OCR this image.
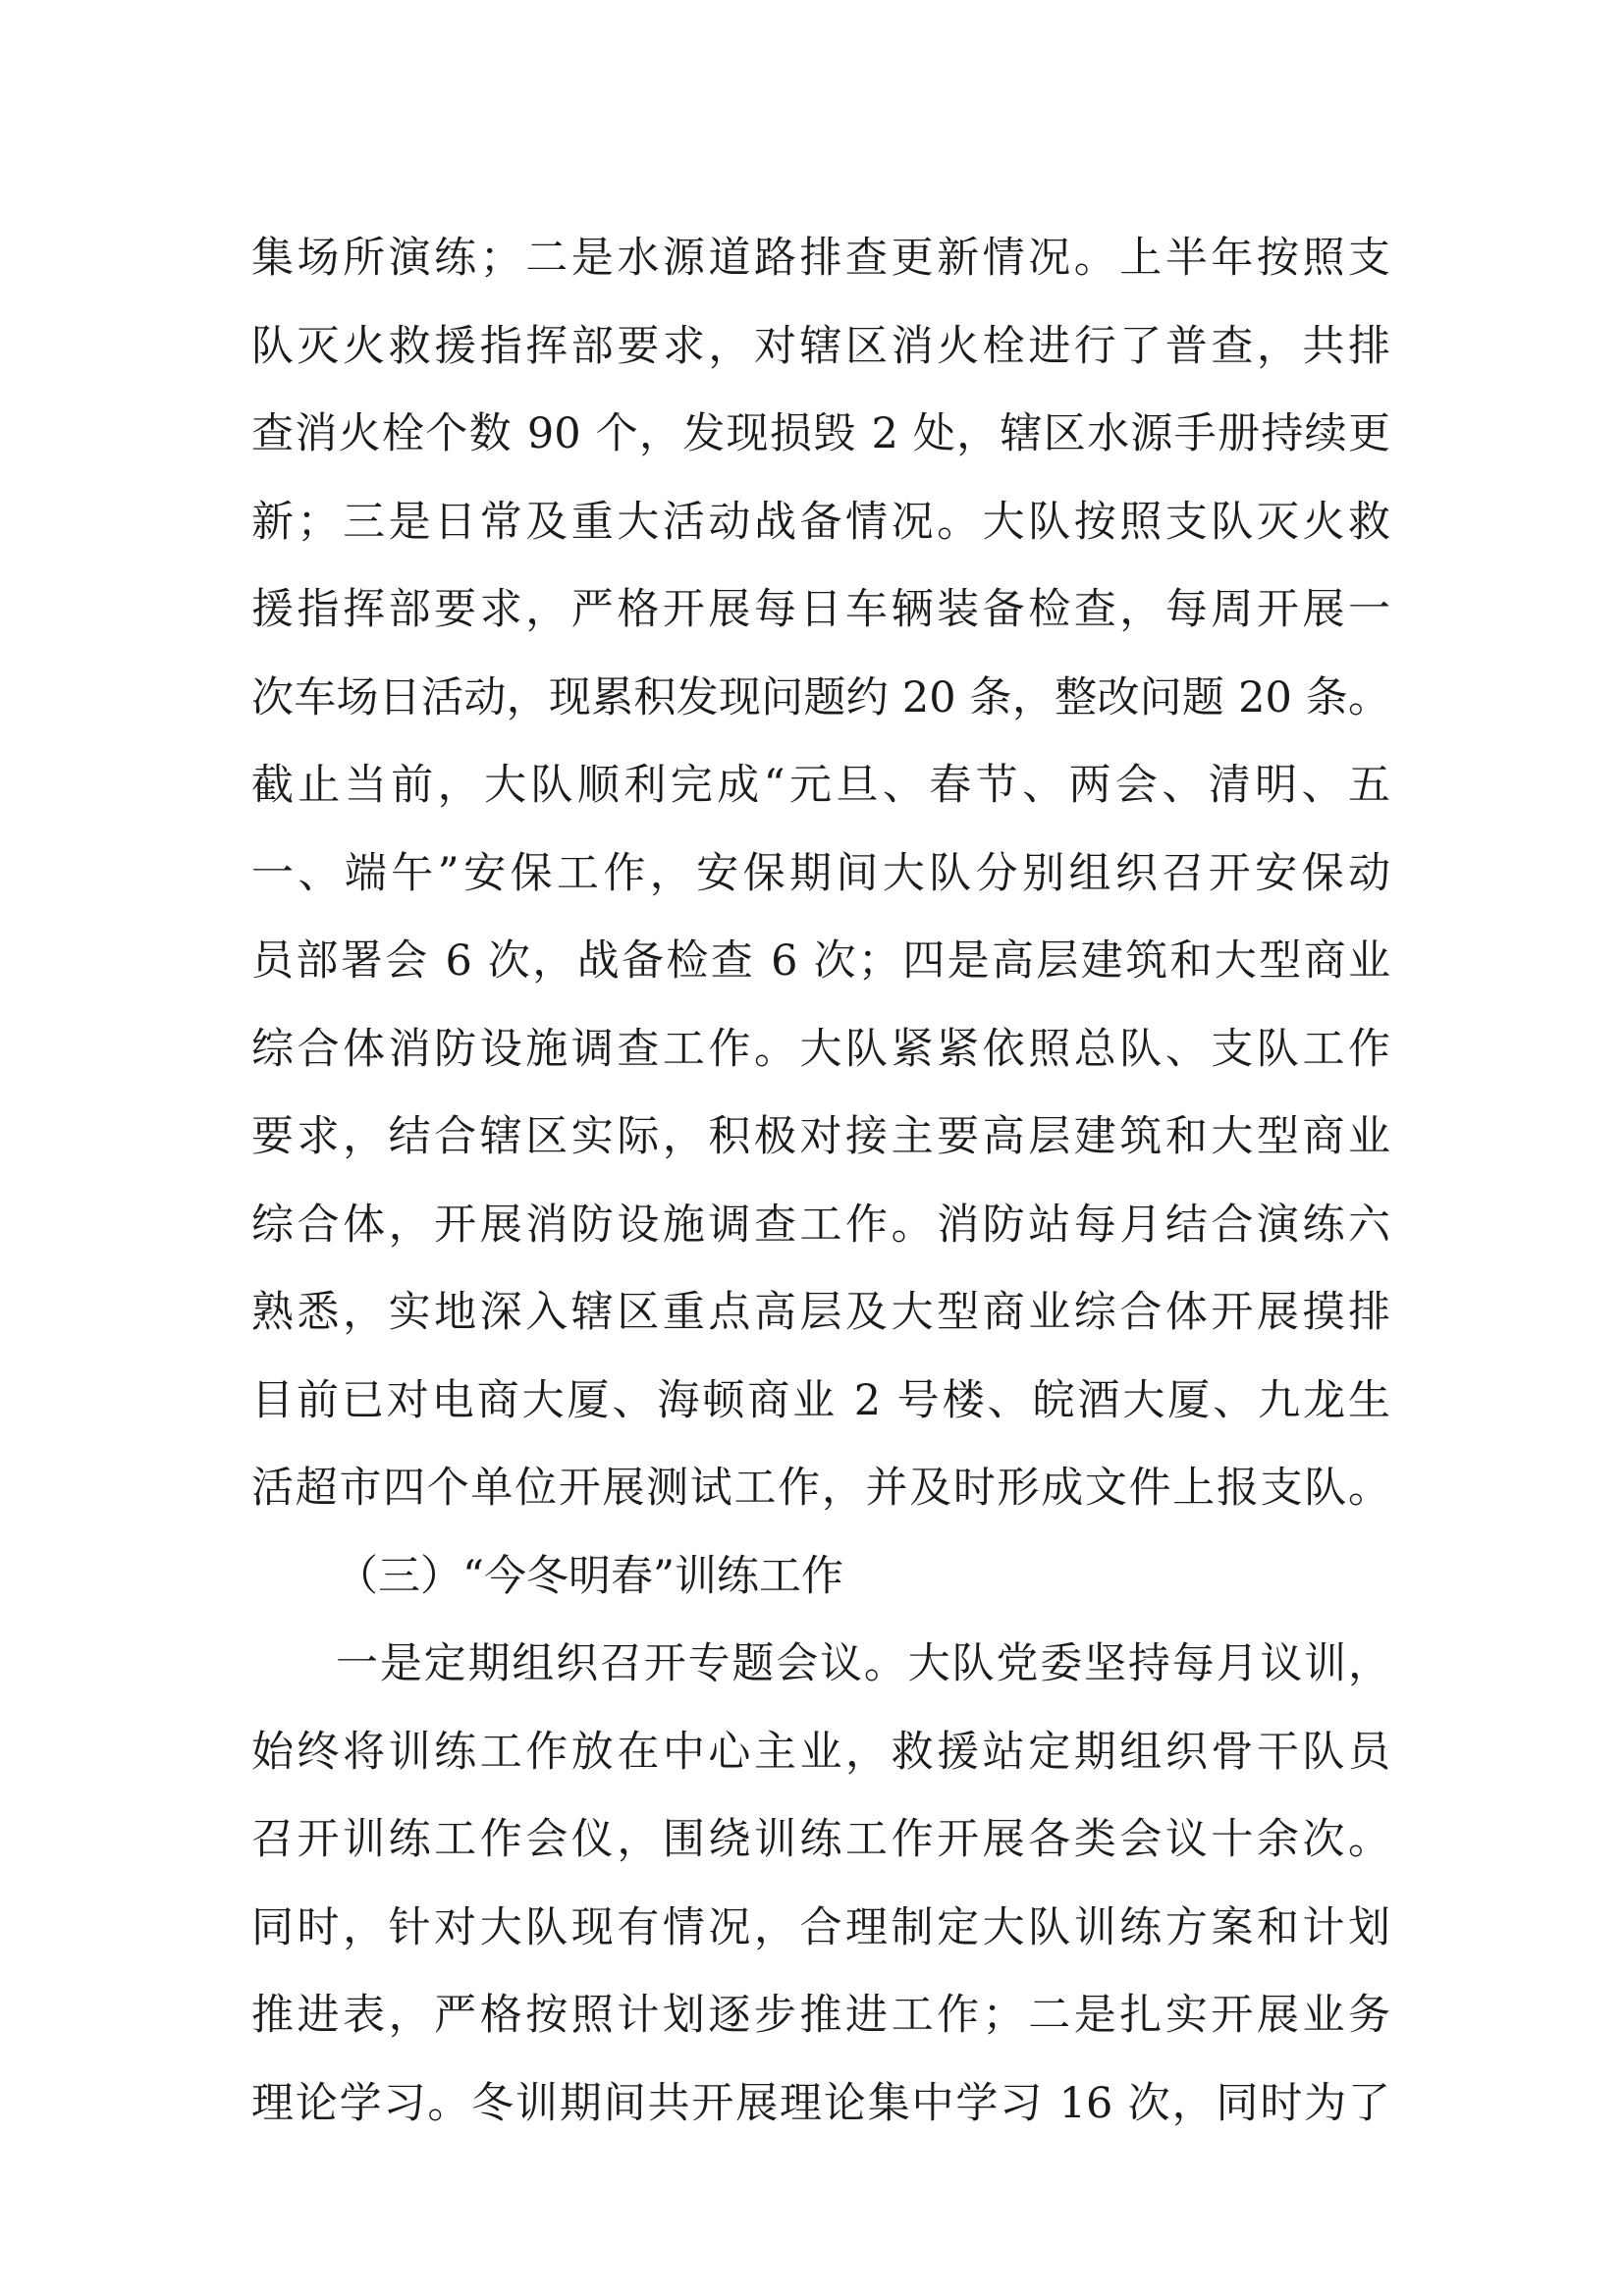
集场所演练；二是水源道路排查更新情况。上半年按照支
队灭火救援指挥部要求，对辖区消火栓进行了普查，共排
查消火栓个数 90 个，发现损毁 2 处，辖区水源手册持续更
新；三是日常及重大活动战备情况。大队按照支队灭火救
援指挥部要求，严格开展每日车辆装备检查，每周开展一
次车场日活动，现累积发现问题约 20 条，整改问题 20 条。
截止当前，大队顺利完成“元旦、春节、两会、清明、五
一、端午”安保工作，安保期间大队分别组织召开安保动
员部署会 6 次，战备检查 6 次；四是高层建筑和大型商业
综合体消防设施调查工作。大队紧紧依照总队、支队工作
要求，结合辖区实际，积极对接主要高层建筑和大型商业
综合体，开展消防设施调查工作。消防站每月结合演练六
熟悉，实地深入辖区重点高层及大型商业综合体开展摸排
目前已对电商大厦、海顿商业 2 号楼、皖酒大厦、九龙生
活超市四个单位开展测试工作，并及时形成文件上报支队。
（三）“今冬明春”训练工作
一是定期组织召开专题会议。大队党委坚持每月议训，
始终将训练工作放在中心主业，救援站定期组织骨干队员
召开训练工作会仪，围绕训练工作开展各类会议十余次。
同时，针对大队现有情况，合理制定大队训练方案和计划
推进表，严格按照计划逐步推进工作；二是扎实开展业务
理论学习。冬训期间共开展理论集中学习 16 次，同时为了
